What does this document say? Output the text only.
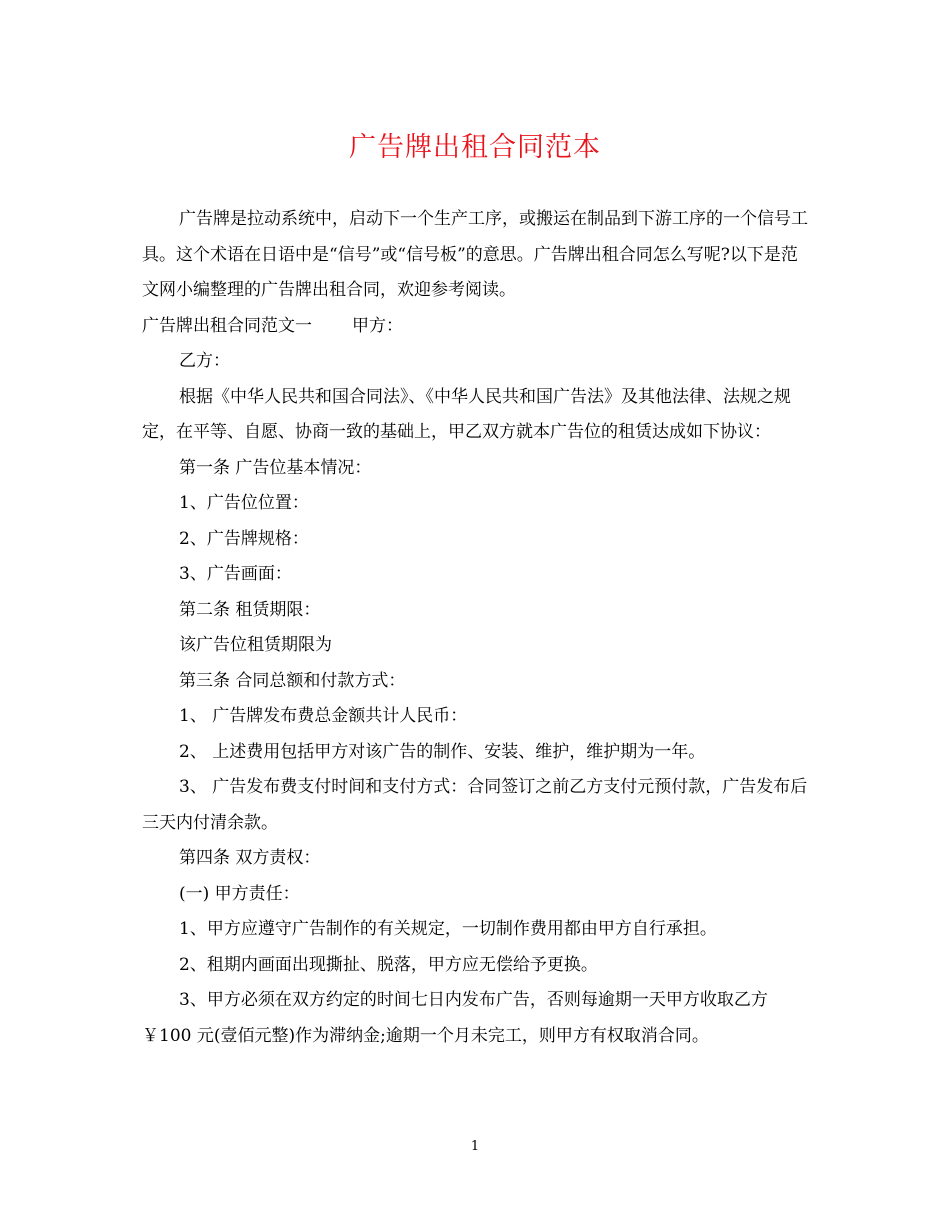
广告牌出租合同范本

广告牌是拉动系统中，启动下一个生产工序，或搬运在制品到下游工序的一个信号工具。这个术语在日语中是“信号”或“信号板”的意思。广告牌出租合同怎么写呢?以下是范文网小编整理的广告牌出租合同，欢迎参考阅读。

广告牌出租合同范文一 甲方：

乙方：

根据《中华人民共和国合同法》、《中华人民共和国广告法》及其他法律、法规之规定，在平等、自愿、协商一致的基础上，甲乙双方就本广告位的租赁达成如下协议：

第一条 广告位基本情况：

1、广告位位置：

2、广告牌规格：

3、广告画面：

第二条 租赁期限：

该广告位租赁期限为

第三条 合同总额和付款方式：

1、 广告牌发布费总金额共计人民币：

2、 上述费用包括甲方对该广告的制作、安装、维护，维护期为一年。

3、 广告发布费支付时间和支付方式：合同签订之前乙方支付元预付款，广告发布后三天内付清余款。

第四条 双方责权：

(一) 甲方责任：

1、甲方应遵守广告制作的有关规定，一切制作费用都由甲方自行承担。

2、租期内画面出现撕扯、脱落，甲方应无偿给予更换。

3、甲方必须在双方约定的时间七日内发布广告，否则每逾期一天甲方收取乙方￥100 元(壹佰元整)作为滞纳金;逾期一个月未完工，则甲方有权取消合同。

1
